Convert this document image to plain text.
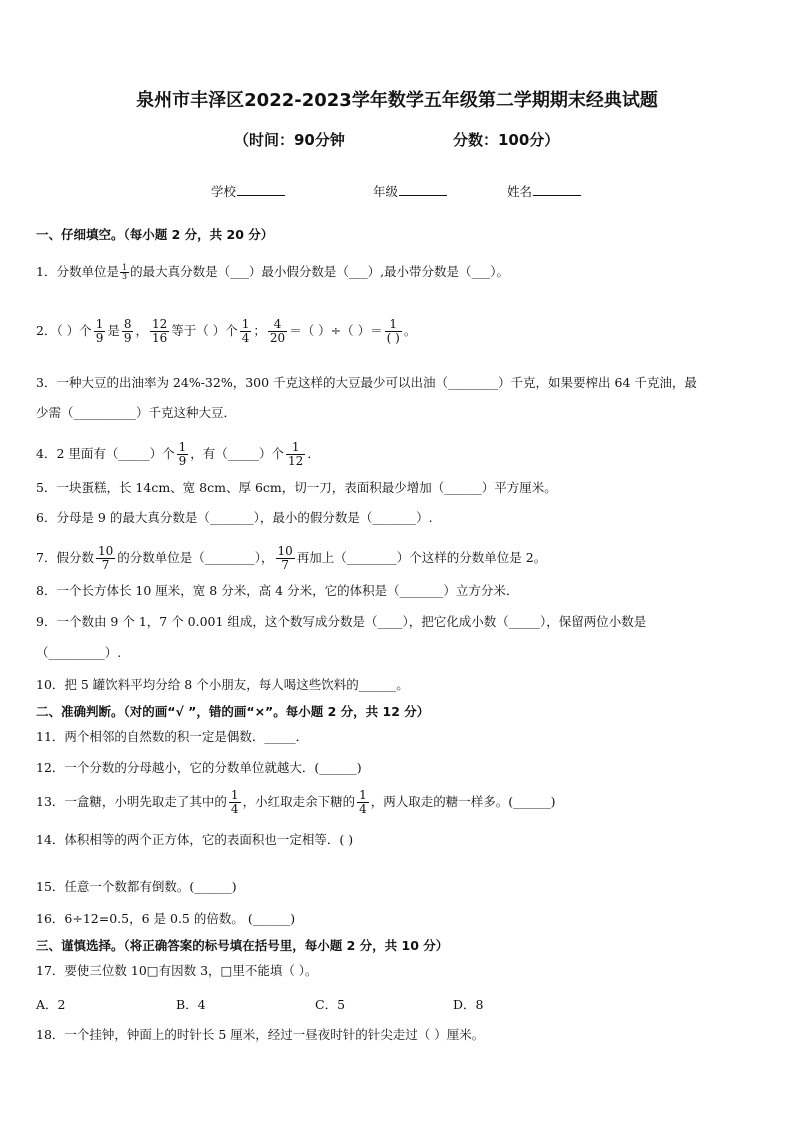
泉州市丰泽区2022-2023学年数学五年级第二学期期末经典试题
（时间：90分钟	分数：100分）
学校	年级	姓名
一、仔细填空。（每小题 2 分，共 20 分）
1．分数单位是 $\frac{1}{3}$ 的最大真分数是（___）最小假分数是（___）,最小带分数是（___）。
2．（ ）个 $\frac{1}{9}$ 是 $\frac{8}{9}$ ， $\frac{12}{16}$ 等于（ ）个 $\frac{1}{4}$ ； $\frac{4}{20}$ ＝（ ）÷（ ）＝ $\frac{1}{( )}$ 。
3．一种大豆的出油率为 24%-32%，300 千克这样的大豆最少可以出油（________）千克，如果要榨出 64 千克油，最
少需（__________）千克这种大豆．
4．2 里面有（_____）个 $\frac{1}{9}$ ，有（_____）个 $\frac{1}{12}$ ．
5．一块蛋糕，长 14cm、宽 8cm、厚 6cm，切一刀，表面积最少增加（______）平方厘米。
6．分母是 9 的最大真分数是（_______），最小的假分数是（_______）.
7．假分数 $\frac{10}{7}$ 的分数单位是（________）， $\frac{10}{7}$ 再加上（________）个这样的分数单位是 2。
8．一个长方体长 10 厘米，宽 8 分米，高 4 分米，它的体积是（_______）立方分米．
9．一个数由 9 个 1，7 个 0.001 组成，这个数写成分数是（____），把它化成小数（_____），保留两位小数是
（_________）.
10．把 5 罐饮料平均分给 8 个小朋友，每人喝这些饮料的______。
二、准确判断。（对的画“√ ”，错的画“×”。每小题 2 分，共 12 分）
11．两个相邻的自然数的积一定是偶数．_____．
12．一个分数的分母越小，它的分数单位就越大．(______)
13．一盒糖，小明先取走了其中的 $\frac{1}{4}$ ，小红取走余下糖的 $\frac{1}{4}$ ，两人取走的糖一样多。(______)
14．体积相等的两个正方体，它的表面积也一定相等．( )
15．任意一个数都有倒数。(______)
16．6÷12=0.5，6 是 0.5 的倍数。 (______)
三、谨慎选择。（将正确答案的标号填在括号里，每小题 2 分，共 10 分）
17．要使三位数 10□有因数 3，□里不能填（ ）。
A．2	B．4	C．5	D．8
18．一个挂钟，钟面上的时针长 5 厘米，经过一昼夜时针的针尖走过（ ）厘米。
